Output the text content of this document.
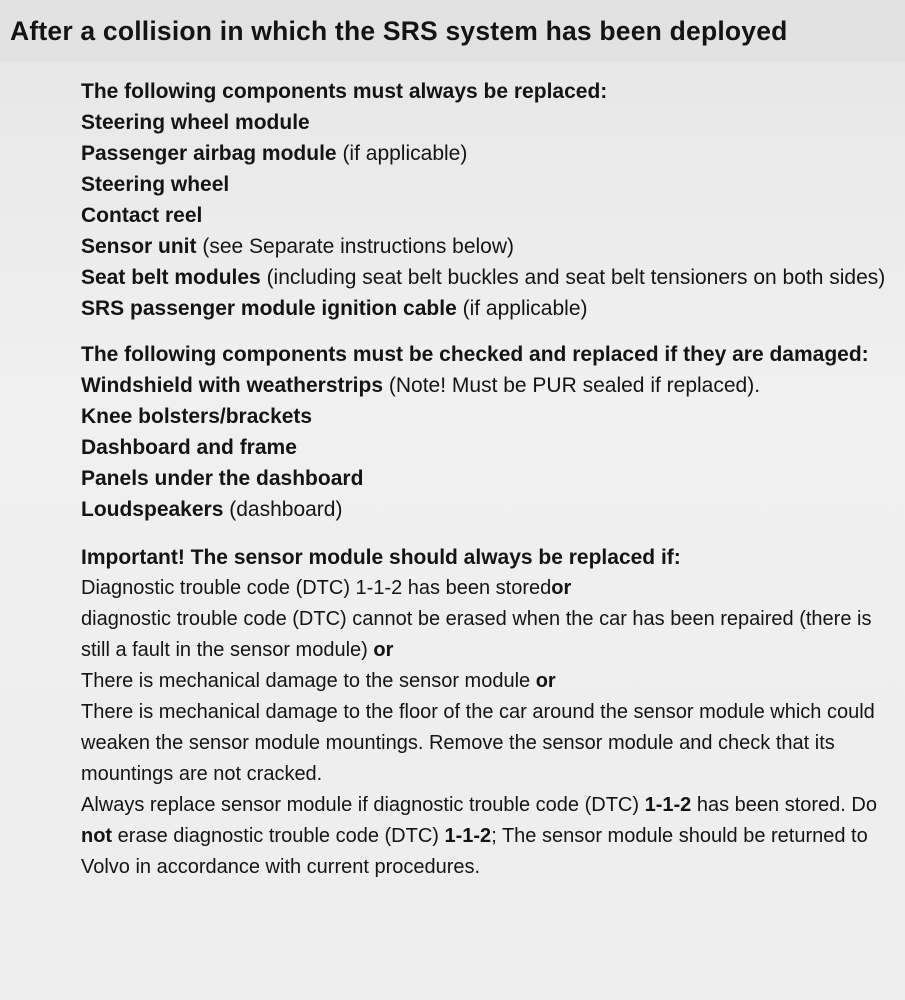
After a collision in which the SRS system has been deployed
The following components must always be replaced:
Steering wheel module
Passenger airbag module (if applicable)
Steering wheel
Contact reel
Sensor unit (see Separate instructions below)
Seat belt modules (including seat belt buckles and seat belt tensioners on both sides)
SRS passenger module ignition cable (if applicable)
The following components must be checked and replaced if they are damaged:
Windshield with weatherstrips (Note! Must be PUR sealed if replaced).
Knee bolsters/brackets
Dashboard and frame
Panels under the dashboard
Loudspeakers (dashboard)
Important! The sensor module should always be replaced if:

Diagnostic trouble code (DTC) 1-1-2 has been storedor
diagnostic trouble code (DTC) cannot be erased when the car has been repaired (there is still a fault in the sensor module) or
There is mechanical damage to the sensor module or
There is mechanical damage to the floor of the car around the sensor module which could weaken the sensor module mountings. Remove the sensor module and check that its mountings are not cracked.
Always replace sensor module if diagnostic trouble code (DTC) 1-1-2 has been stored. Do not erase diagnostic trouble code (DTC) 1-1-2; The sensor module should be returned to Volvo in accordance with current procedures.
